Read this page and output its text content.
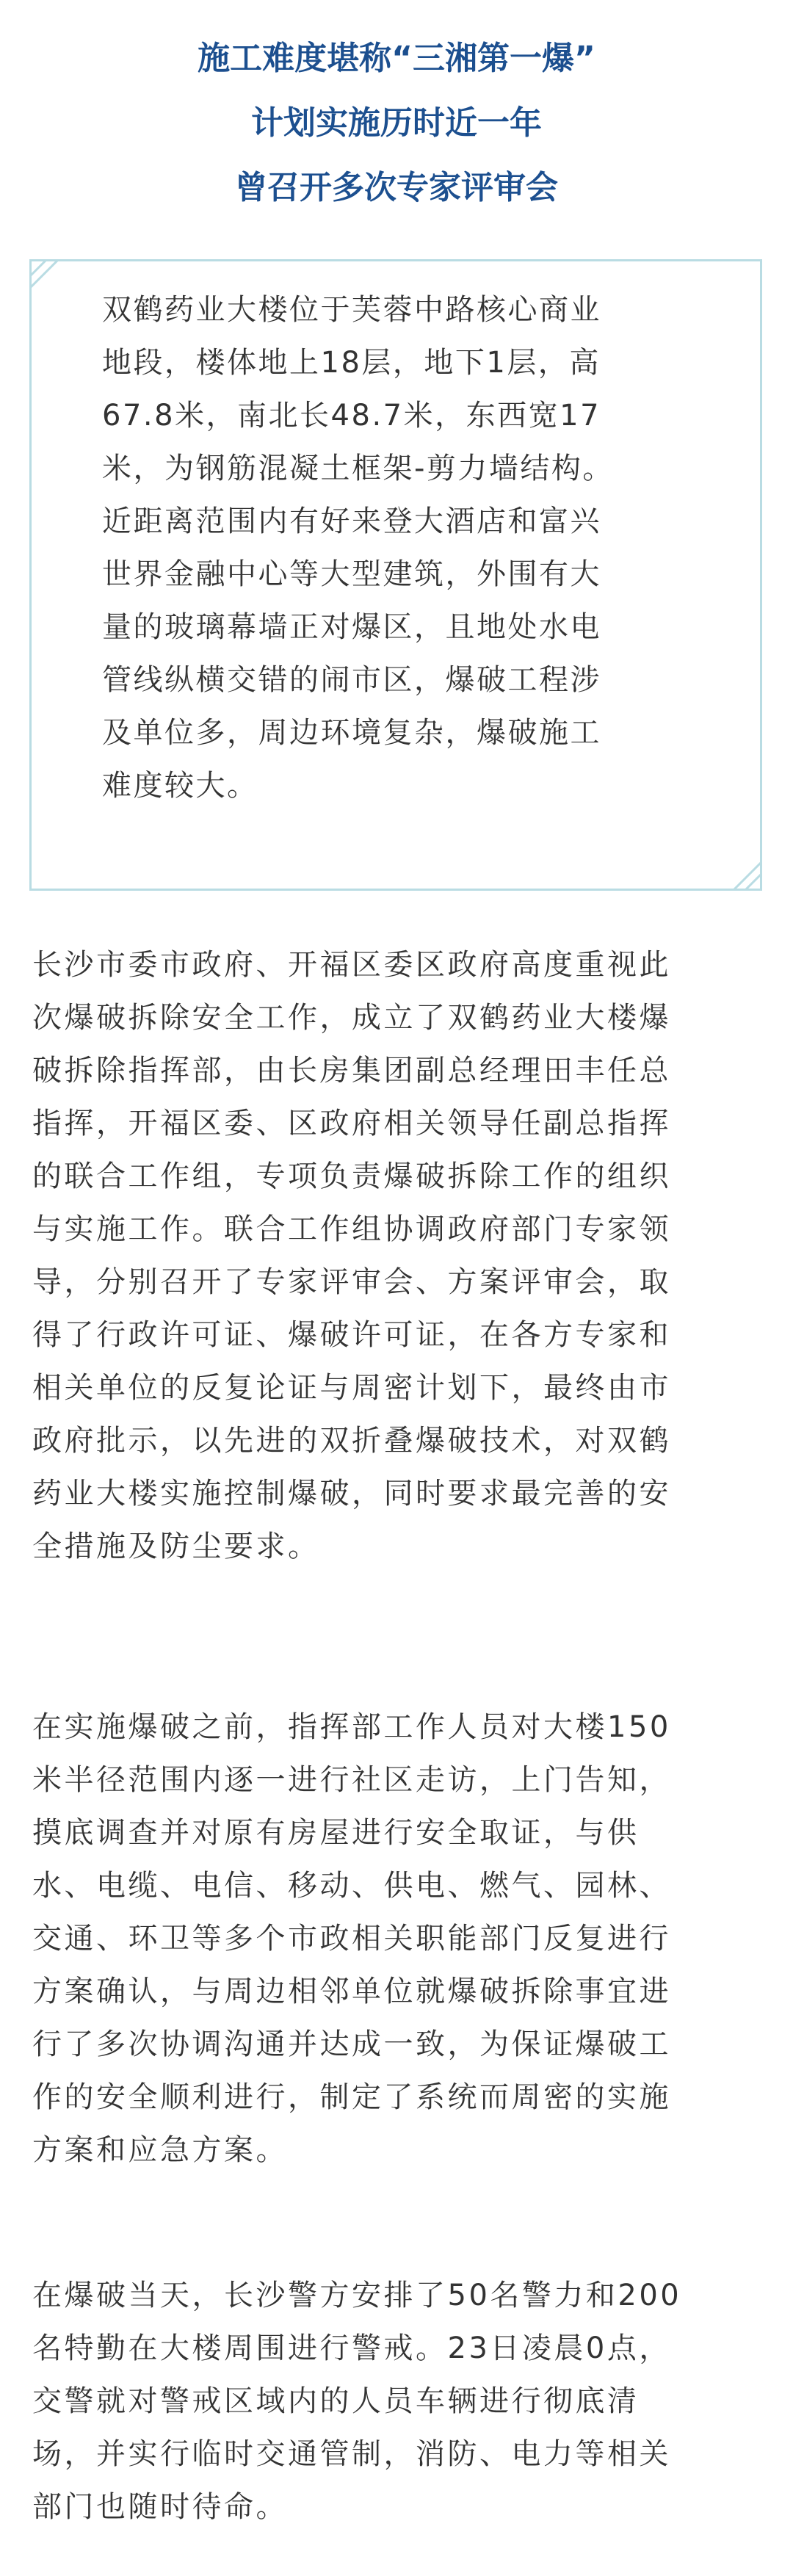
施工难度堪称“三湘第一爆”
计划实施历时近一年
曾召开多次专家评审会
双鹤药业大楼位于芙蓉中路核心商业
地段，楼体地上18层，地下1层，高
67.8米，南北长48.7米，东西宽17
米，为钢筋混凝土框架-剪力墙结构。
近距离范围内有好来登大酒店和富兴
世界金融中心等大型建筑，外围有大
量的玻璃幕墙正对爆区，且地处水电
管线纵横交错的闹市区，爆破工程涉
及单位多，周边环境复杂，爆破施工
难度较大。
长沙市委市政府、开福区委区政府高度重视此
次爆破拆除安全工作，成立了双鹤药业大楼爆
破拆除指挥部，由长房集团副总经理田丰任总
指挥，开福区委、区政府相关领导任副总指挥
的联合工作组，专项负责爆破拆除工作的组织
与实施工作。联合工作组协调政府部门专家领
导，分别召开了专家评审会、方案评审会，取
得了行政许可证、爆破许可证，在各方专家和
相关单位的反复论证与周密计划下，最终由市
政府批示，以先进的双折叠爆破技术，对双鹤
药业大楼实施控制爆破，同时要求最完善的安
全措施及防尘要求。
在实施爆破之前，指挥部工作人员对大楼150
米半径范围内逐一进行社区走访，上门告知，
摸底调查并对原有房屋进行安全取证，与供
水、电缆、电信、移动、供电、燃气、园林、
交通、环卫等多个市政相关职能部门反复进行
方案确认，与周边相邻单位就爆破拆除事宜进
行了多次协调沟通并达成一致，为保证爆破工
作的安全顺利进行，制定了系统而周密的实施
方案和应急方案。
在爆破当天，长沙警方安排了50名警力和200
名特勤在大楼周围进行警戒。23日凌晨0点，
交警就对警戒区域内的人员车辆进行彻底清
场，并实行临时交通管制，消防、电力等相关
部门也随时待命。
